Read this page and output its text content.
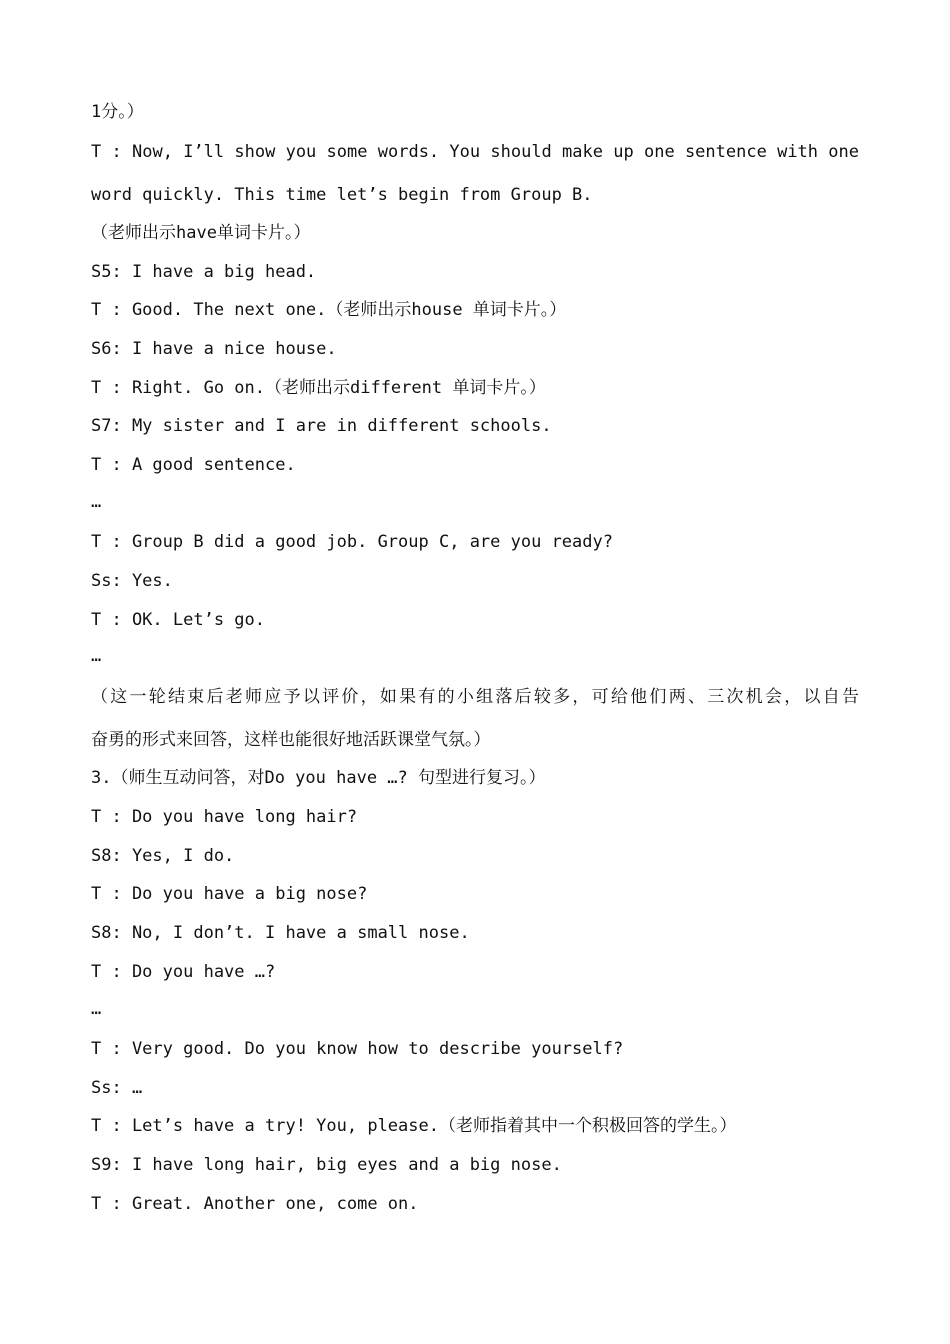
1分。）
T : Now, I’ll show you some words. You should make up one sentence with one
word quickly. This time let’s begin from Group B.
（老师出示have单词卡片。）
S5: I have a big head.
T : Good. The next one.（老师出示house 单词卡片。）
S6: I have a nice house.
T : Right. Go on.（老师出示different 单词卡片。）
S7: My sister and I are in different schools.
T : A good sentence.
…
T : Group B did a good job. Group C, are you ready?
Ss: Yes.
T : OK. Let’s go.
…
（这一轮结束后老师应予以评价，如果有的小组落后较多，可给他们两、三次机会，以自告
奋勇的形式来回答，这样也能很好地活跃课堂气氛。）
3.（师生互动问答，对Do you have …? 句型进行复习。）
T : Do you have long hair?
S8: Yes, I do.
T : Do you have a big nose?
S8: No, I don’t. I have a small nose.
T : Do you have …?
…
T : Very good. Do you know how to describe yourself?
Ss: …
T : Let’s have a try! You, please.（老师指着其中一个积极回答的学生。）
S9: I have long hair, big eyes and a big nose.
T : Great. Another one, come on.
